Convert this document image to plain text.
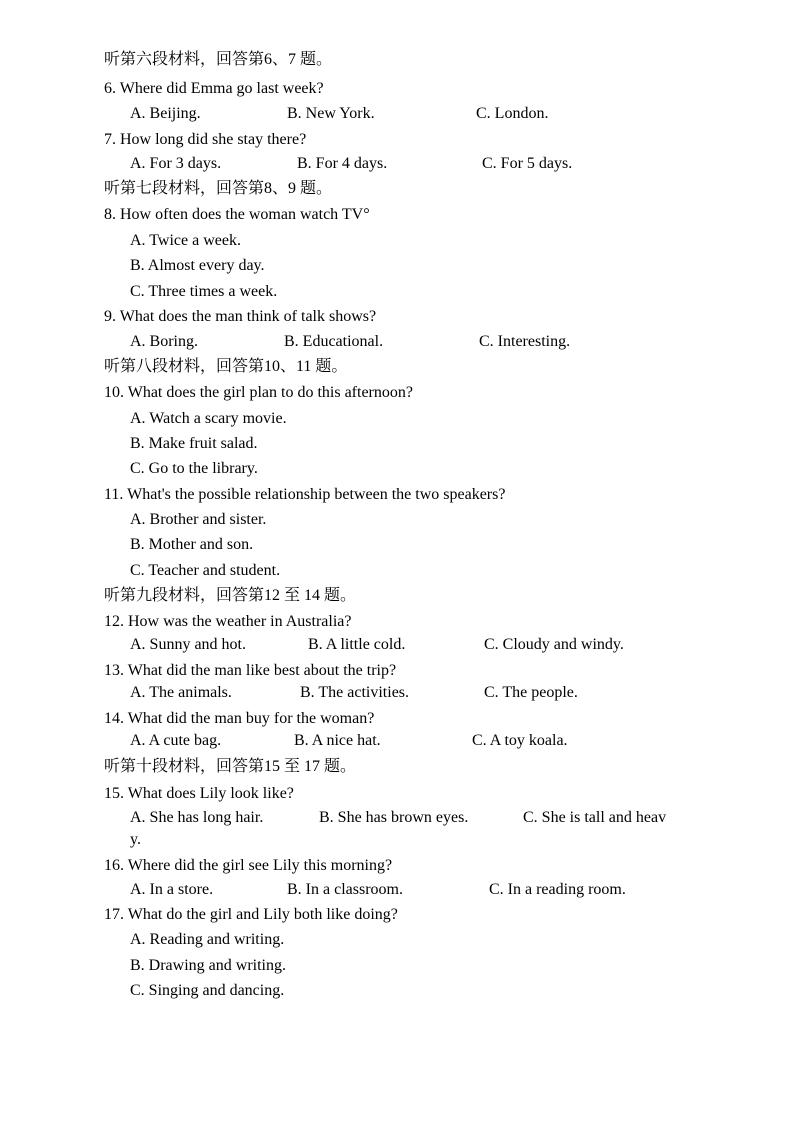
听第六段材料，回答第6、7 题。
6. Where did Emma go last week?
A. Beijing.	B. New York.	C. London.
7. How long did she stay there?
A. For 3 days.	B. For 4 days.	C. For 5 days.
听第七段材料，回答第8、9 题。
8. How often does the woman watch TV°
A. Twice a week.
B. Almost every day.
C. Three times a week.
9. What does the man think of talk shows?
A. Boring.	B. Educational.	C. Interesting.
听第八段材料，回答第10、11 题。
10. What does the girl plan to do this afternoon?
A. Watch a scary movie.
B. Make fruit salad.
C. Go to the library.
11. What's the possible relationship between the two speakers?
A. Brother and sister.
B. Mother and son.
C. Teacher and student.
听第九段材料，回答第12 至 14 题。
12. How was the weather in Australia?
A. Sunny and hot.	B. A little cold.	C. Cloudy and windy.
13. What did the man like best about the trip?
A. The animals.	B. The activities.	C. The people.
14. What did the man buy for the woman?
A. A cute bag.	B. A nice hat.	C. A toy koala.
听第十段材料，回答第15 至 17 题。
15. What does Lily look like?
A. She has long hair.	B. She has brown eyes.	C. She is tall and heav
y.
16. Where did the girl see Lily this morning?
A. In a store.	B. In a classroom.	C. In a reading room.
17. What do the girl and Lily both like doing?
A. Reading and writing.
B. Drawing and writing.
C. Singing and dancing.
